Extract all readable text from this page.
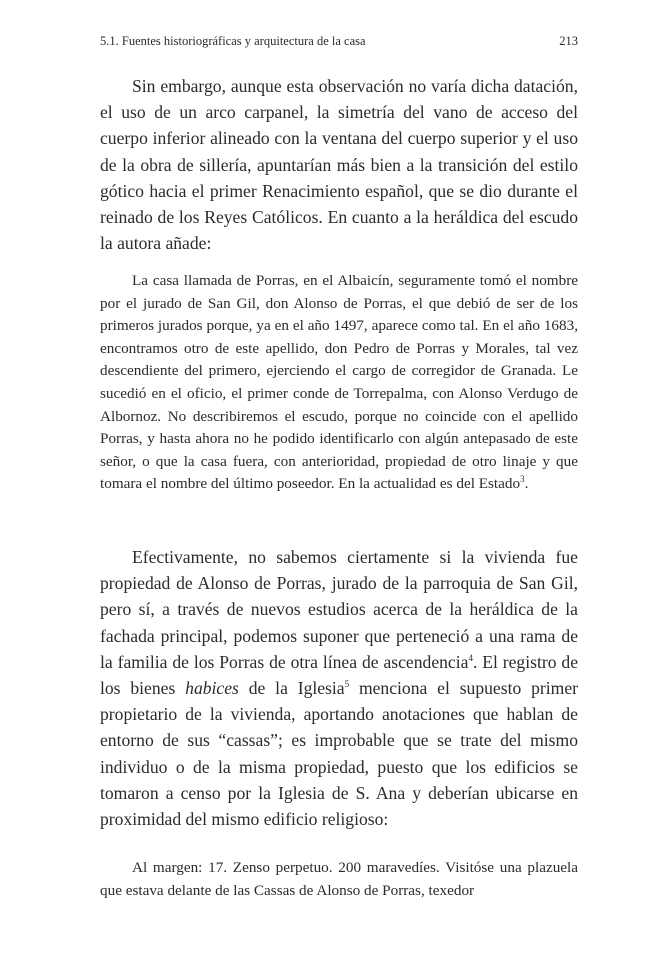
5.1. Fuentes historiográficas y arquitectura de la casa	213

Sin embargo, aunque esta observación no varía dicha datación, el uso de un arco carpanel, la simetría del vano de acceso del cuerpo inferior alineado con la ventana del cuerpo superior y el uso de la obra de sillería, apuntarían más bien a la transición del estilo gótico hacia el primer Renacimiento español, que se dio durante el reinado de los Reyes Católicos. En cuanto a la heráldica del escudo la autora añade:

La casa llamada de Porras, en el Albaicín, seguramente tomó el nombre por el jurado de San Gil, don Alonso de Porras, el que debió de ser de los primeros jurados porque, ya en el año 1497, aparece como tal. En el año 1683, encontramos otro de este apellido, don Pedro de Porras y Morales, tal vez descendiente del primero, ejerciendo el cargo de corregidor de Granada. Le sucedió en el oficio, el primer conde de Torrepalma, con Alonso Verdugo de Albornoz. No describiremos el escudo, porque no coincide con el apellido Porras, y hasta ahora no he podido identificarlo con algún antepasado de este señor, o que la casa fuera, con anterioridad, propiedad de otro linaje y que tomara el nombre del último poseedor. En la actualidad es del Estado$^3$.

Efectivamente, no sabemos ciertamente si la vivienda fue propiedad de Alonso de Porras, jurado de la parroquia de San Gil, pero sí, a través de nuevos estudios acerca de la heráldica de la fachada principal, podemos suponer que perteneció a una rama de la familia de los Porras de otra línea de ascendencia$^4$. El registro de los bienes habices de la Iglesia$^5$ menciona el supuesto primer propietario de la vivienda, aportando anotaciones que hablan de entorno de sus “cassas”; es improbable que se trate del mismo individuo o de la misma propiedad, puesto que los edificios se tomaron a censo por la Iglesia de S. Ana y deberían ubicarse en proximidad del mismo edificio religioso:

Al margen: 17. Zenso perpetuo. 200 maravedíes. Visitóse una plazuela que estava delante de las Cassas de Alonso de Porras, texedor
